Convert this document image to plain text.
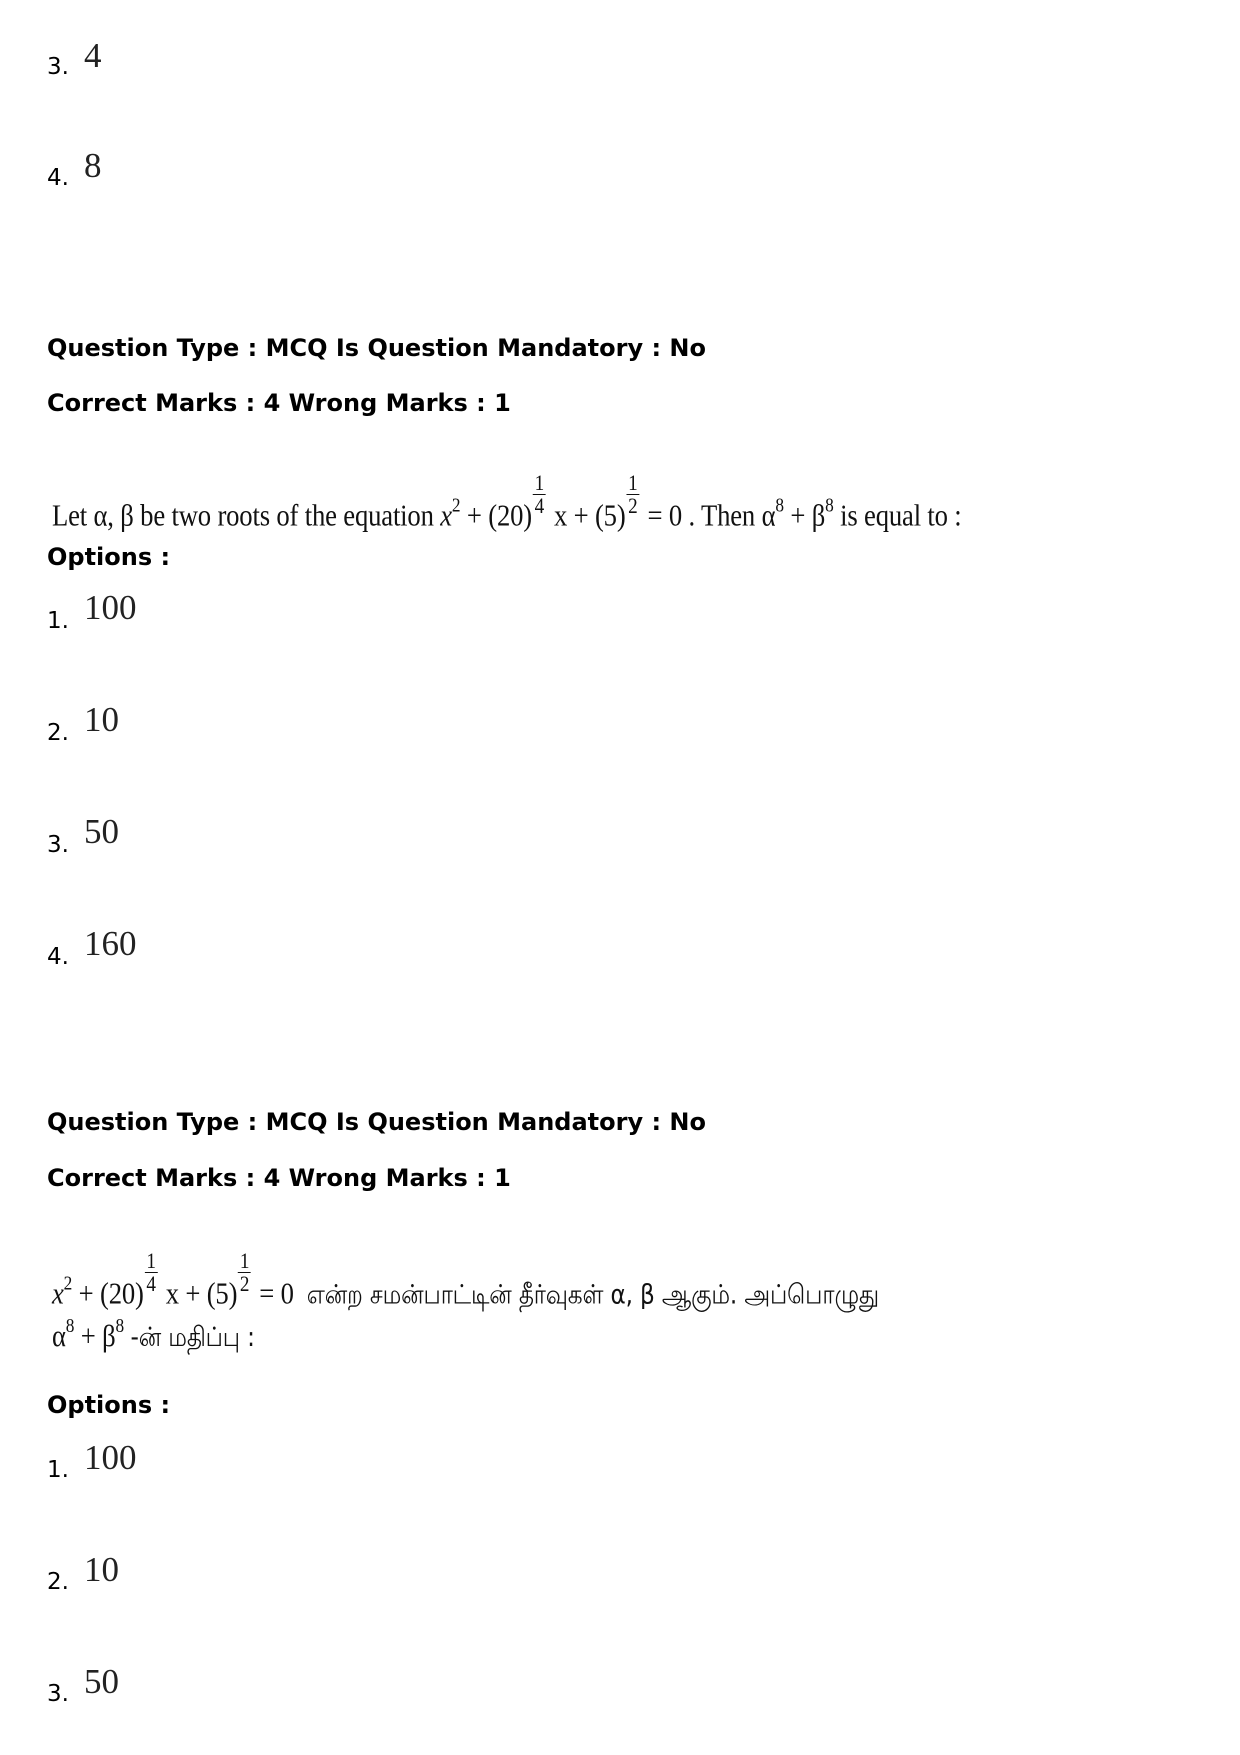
3. 4
4. 8
Question Type : MCQ Is Question Mandatory : No
Correct Marks : 4 Wrong Marks : 1
Let α, β be two roots of the equation $x^2 + (20) \frac{1}{4}$ $x + (5) \frac{1}{2} = 0$ . Then $\alpha^8 + \beta^8$ is equal to :
Options :
1. 100
2. 10
3. 50
4. 160
Question Type : MCQ Is Question Mandatory : No
Correct Marks : 4 Wrong Marks : 1
$x^2 + (20) \frac{1}{4}$ $x + (5) \frac{1}{2} = 0$ என்ற சமன்பாட்டின் தீர்வுகள் α, β ஆகும். அப்பொழுது
$\alpha^8 + \beta^8$ -ன் மதிப்பு :
Options :
1. 100
2. 10
3. 50
